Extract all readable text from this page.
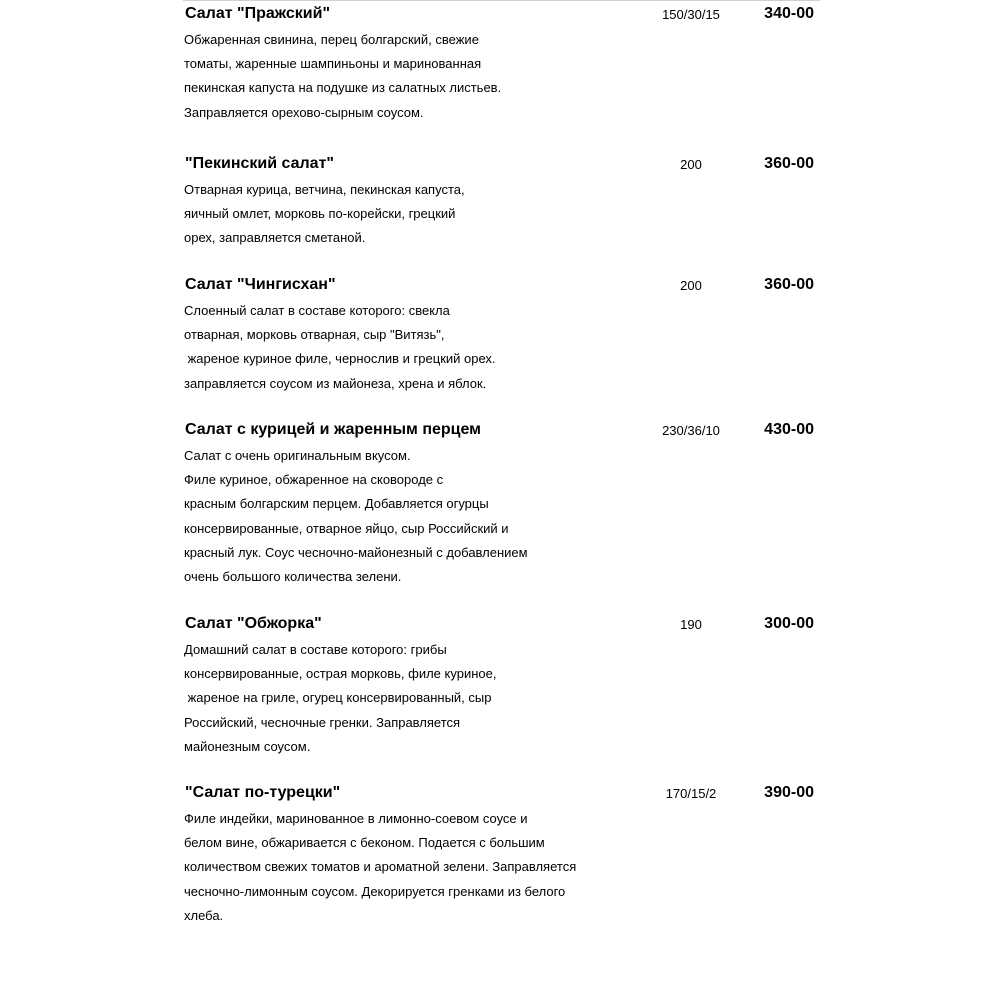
Салат "Пражский"	150/30/15	340-00
Обжаренная свинина, перец болгарский, свежие
томаты, жаренные шампиньоны и маринованная
пекинская капуста на подушке из салатных листьев.
Заправляется орехово-сырным соусом.
"Пекинский салат"	200	360-00
Отварная курица, ветчина, пекинская капуста,
яичный омлет, морковь по-корейски, грецкий
орех, заправляется сметаной.
Салат "Чингисхан"	200	360-00
Слоенный салат в составе которого: свекла
отварная, морковь отварная, сыр "Витязь",
жареное куриное филе, чернослив и грецкий орех.
заправляется соусом из майонеза, хрена и яблок.
Салат с курицей и жаренным перцем	230/36/10	430-00
Салат с очень оригинальным вкусом.
Филе куриное, обжаренное на сковороде с
красным болгарским перцем. Добавляется огурцы
консервированные, отварное яйцо, сыр Российский и
красный лук. Соус чесночно-майонезный с добавлением
очень большого количества зелени.
Салат "Обжорка"	190	300-00
Домашний салат в составе которого: грибы
консервированные, острая морковь, филе куриное,
жареное на гриле, огурец консервированный, сыр
Российский, чесночные гренки. Заправляется
майонезным соусом.
"Салат по-турецки"	170/15/2	390-00
Филе индейки, маринованное в лимонно-соевом соусе и
белом вине, обжаривается с беконом. Подается с большим
количеством свежих томатов и ароматной зелени. Заправляется
чесночно-лимонным соусом. Декорируется гренками из белого
хлеба.
